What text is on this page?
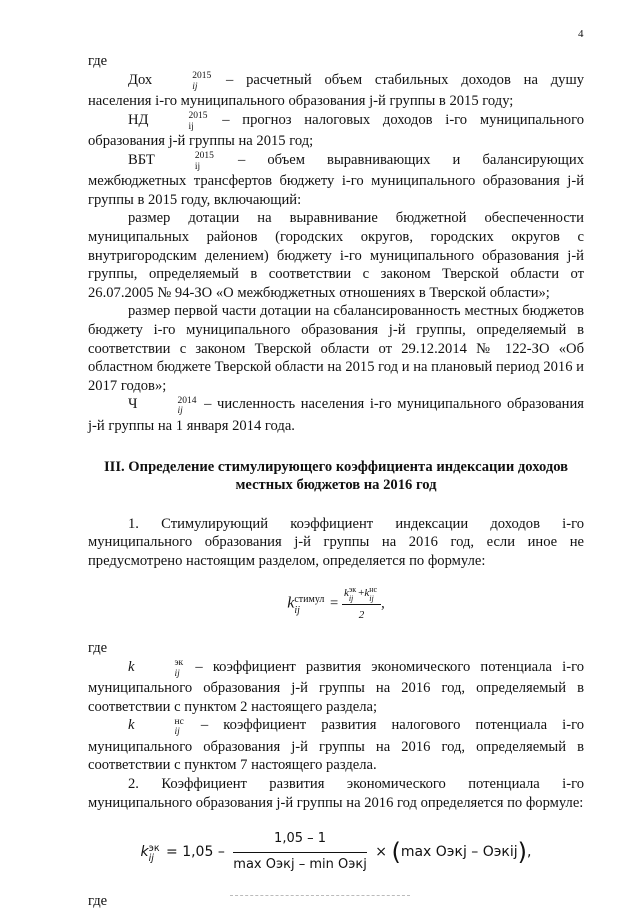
4

где

Дох	2015
ij	– расчетный объем стабильных доходов на душу населения i-го муниципального образования j-й группы в 2015 году;

НД	2015
ij	– прогноз налоговых доходов i-го муниципального образования j-й группы на 2015 год;

ВБТ	2015
ij	– объем выравнивающих и балансирующих межбюджетных трансфертов бюджету i-го муниципального образования j-й группы в 2015 году, включающий:

размер дотации на выравнивание бюджетной обеспеченности муниципальных районов (городских округов, городских округов с внутригородским делением) бюджету i-го муниципального образования j-й группы, определяемый в соответствии с законом Тверской области от 26.07.2005 № 94-ЗО «О межбюджетных отношениях в Тверской области»;

размер первой части дотации на сбалансированность местных бюджетов бюджету i-го муниципального образования j-й группы, определяемый в соответствии с законом Тверской области от 29.12.2014 № 122-ЗО «Об областном бюджете Тверской области на 2015 год и на плановый период 2016 и 2017 годов»;

Ч	2014
ij	– численность населения i-го муниципального образования j-й группы на 1 января 2014 года.

III. Определение стимулирующего коэффициента индексации доходов местных бюджетов на 2016 год

1. Стимулирующий коэффициент индексации доходов i-го муниципального образования j-й группы на 2016 год, если иное не предусмотрено настоящим разделом, определяется по формуле:

k стимул
ij	= k эк
ij +k нс
ij
2 ,

где

k	эк
ij – коэффициент развития экономического потенциала i-го муниципального образования j-й группы на 2016 год, определяемый в соответствии с пунктом 2 настоящего раздела;

k	нс
ij – коэффициент развития налогового потенциала i-го муниципального образования j-й группы на 2016 год, определяемый в соответствии с пунктом 7 настоящего раздела.

2. Коэффициент развития экономического потенциала i-го муниципального образования j-й группы на 2016 год определяется по формуле:

k эк
ij = $1,05 - \frac{1,05 - 1}{\text{max Оэкj – min Оэкj}} \times (\max$ Оэкj – Оэкij),

где
